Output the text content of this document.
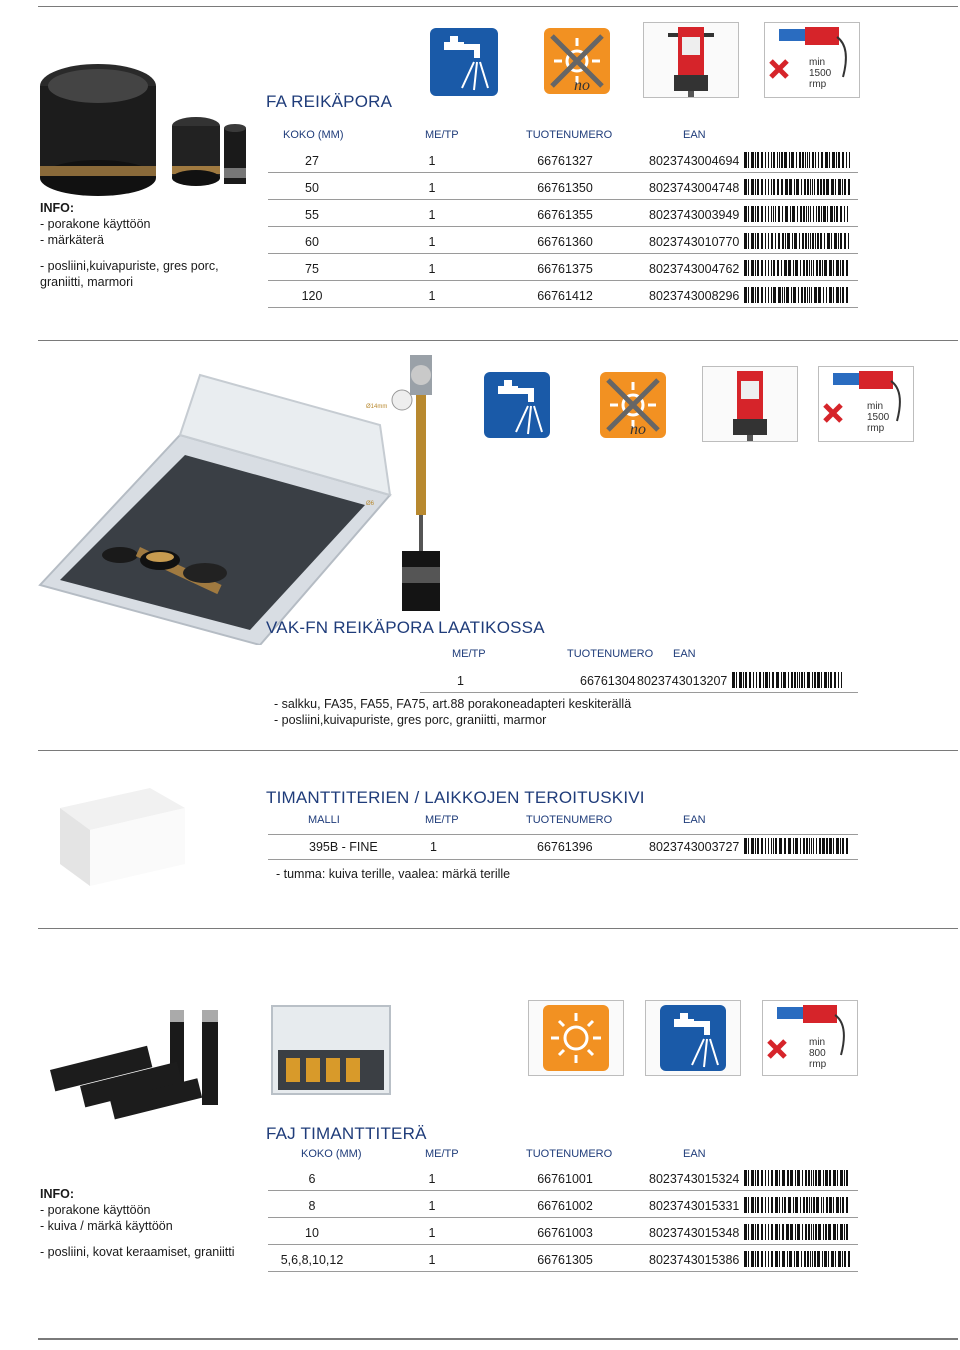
no
min
1500
rmp
FA REIKÄPORA
KOKO (MM)	ME/TP	TUOTENUMERO	EAN
27	1	66761327	8023743004694
50	1	66761350	8023743004748
55	1	66761355	8023743003949
60	1	66761360	8023743010770
75	1	66761375	8023743004762
120	1	66761412	8023743008296
INFO:
- porakone käyttöön
- märkäterä
- posliini,kuivapuriste, gres porc,
graniitti, marmori
Ø14mm
Ø6
no
min
1500
rmp
VAK-FN REIKÄPORA LAATIKOSSA
ME/TP	TUOTENUMERO EAN
1	66761304 8023743013207
- salkku, FA35, FA55, FA75, art.88 porakoneadapteri keskiterällä
- posliini,kuivapuriste, gres porc, graniitti, marmor
TIMANTTITERIEN / LAIKKOJEN TEROITUSKIVI
MALLI	ME/TP	TUOTENUMERO	EAN
395B - FINE	1	66761396	8023743003727
- tumma: kuiva terille, vaalea: märkä terille
min
800
rmp
FAJ TIMANTTITERÄ
KOKO (MM)	ME/TP	TUOTENUMERO	EAN
6	1	66761001	8023743015324
8	1	66761002	8023743015331
10	1	66761003	8023743015348
5,6,8,10,12	1	66761305	8023743015386
INFO:
- porakone käyttöön
- kuiva / märkä käyttöön
- posliini, kovat keraamiset, graniitti
